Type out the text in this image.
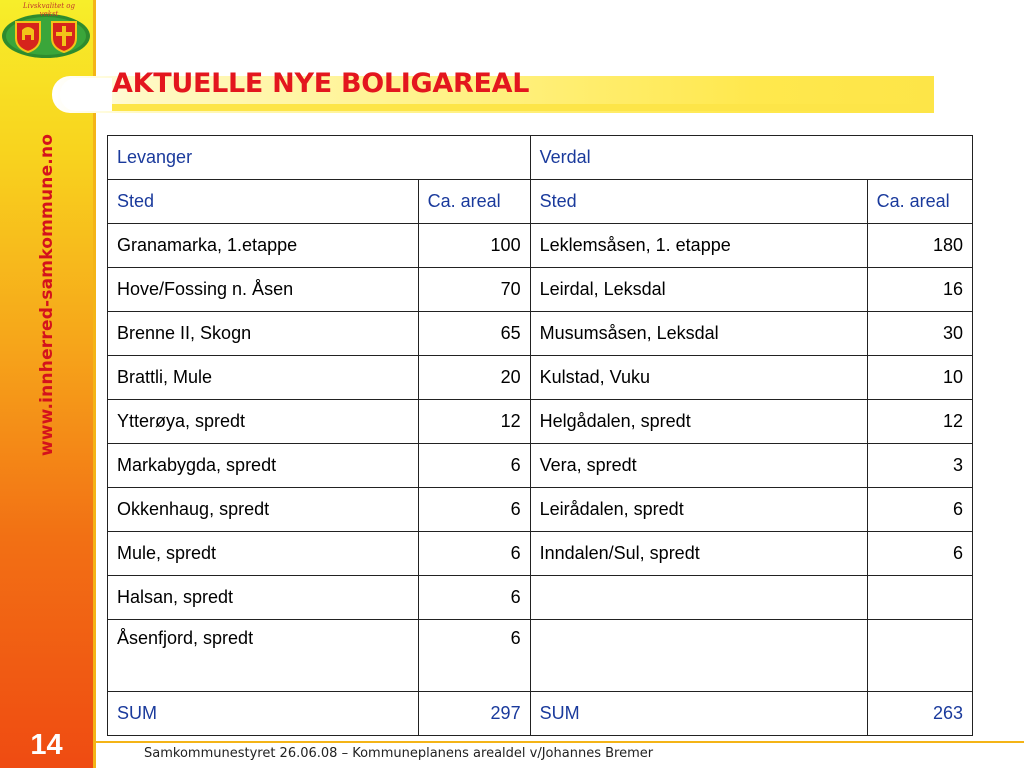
Livskvalitet og vekst
www.innherred-samkommune.no
14
AKTUELLE NYE BOLIGAREAL
Levanger		Verdal	
Sted	Ca. areal	Sted	Ca. areal
Granamarka, 1.etappe	100	Leklemsåsen, 1. etappe	180
Hove/Fossing n. Åsen	70	Leirdal, Leksdal	16
Brenne II, Skogn	65	Musumsåsen, Leksdal	30
Brattli, Mule	20	Kulstad, Vuku	10
Ytterøya, spredt	12	Helgådalen, spredt	12
Markabygda, spredt	6	Vera, spredt	3
Okkenhaug, spredt	6	Leirådalen, spredt	6
Mule, spredt	6	Inndalen/Sul, spredt	6
Halsan, spredt	6		
Åsenfjord, spredt	6		
SUM	297	SUM	263
Samkommunestyret 26.06.08 – Kommuneplanens arealdel v/Johannes Bremer
